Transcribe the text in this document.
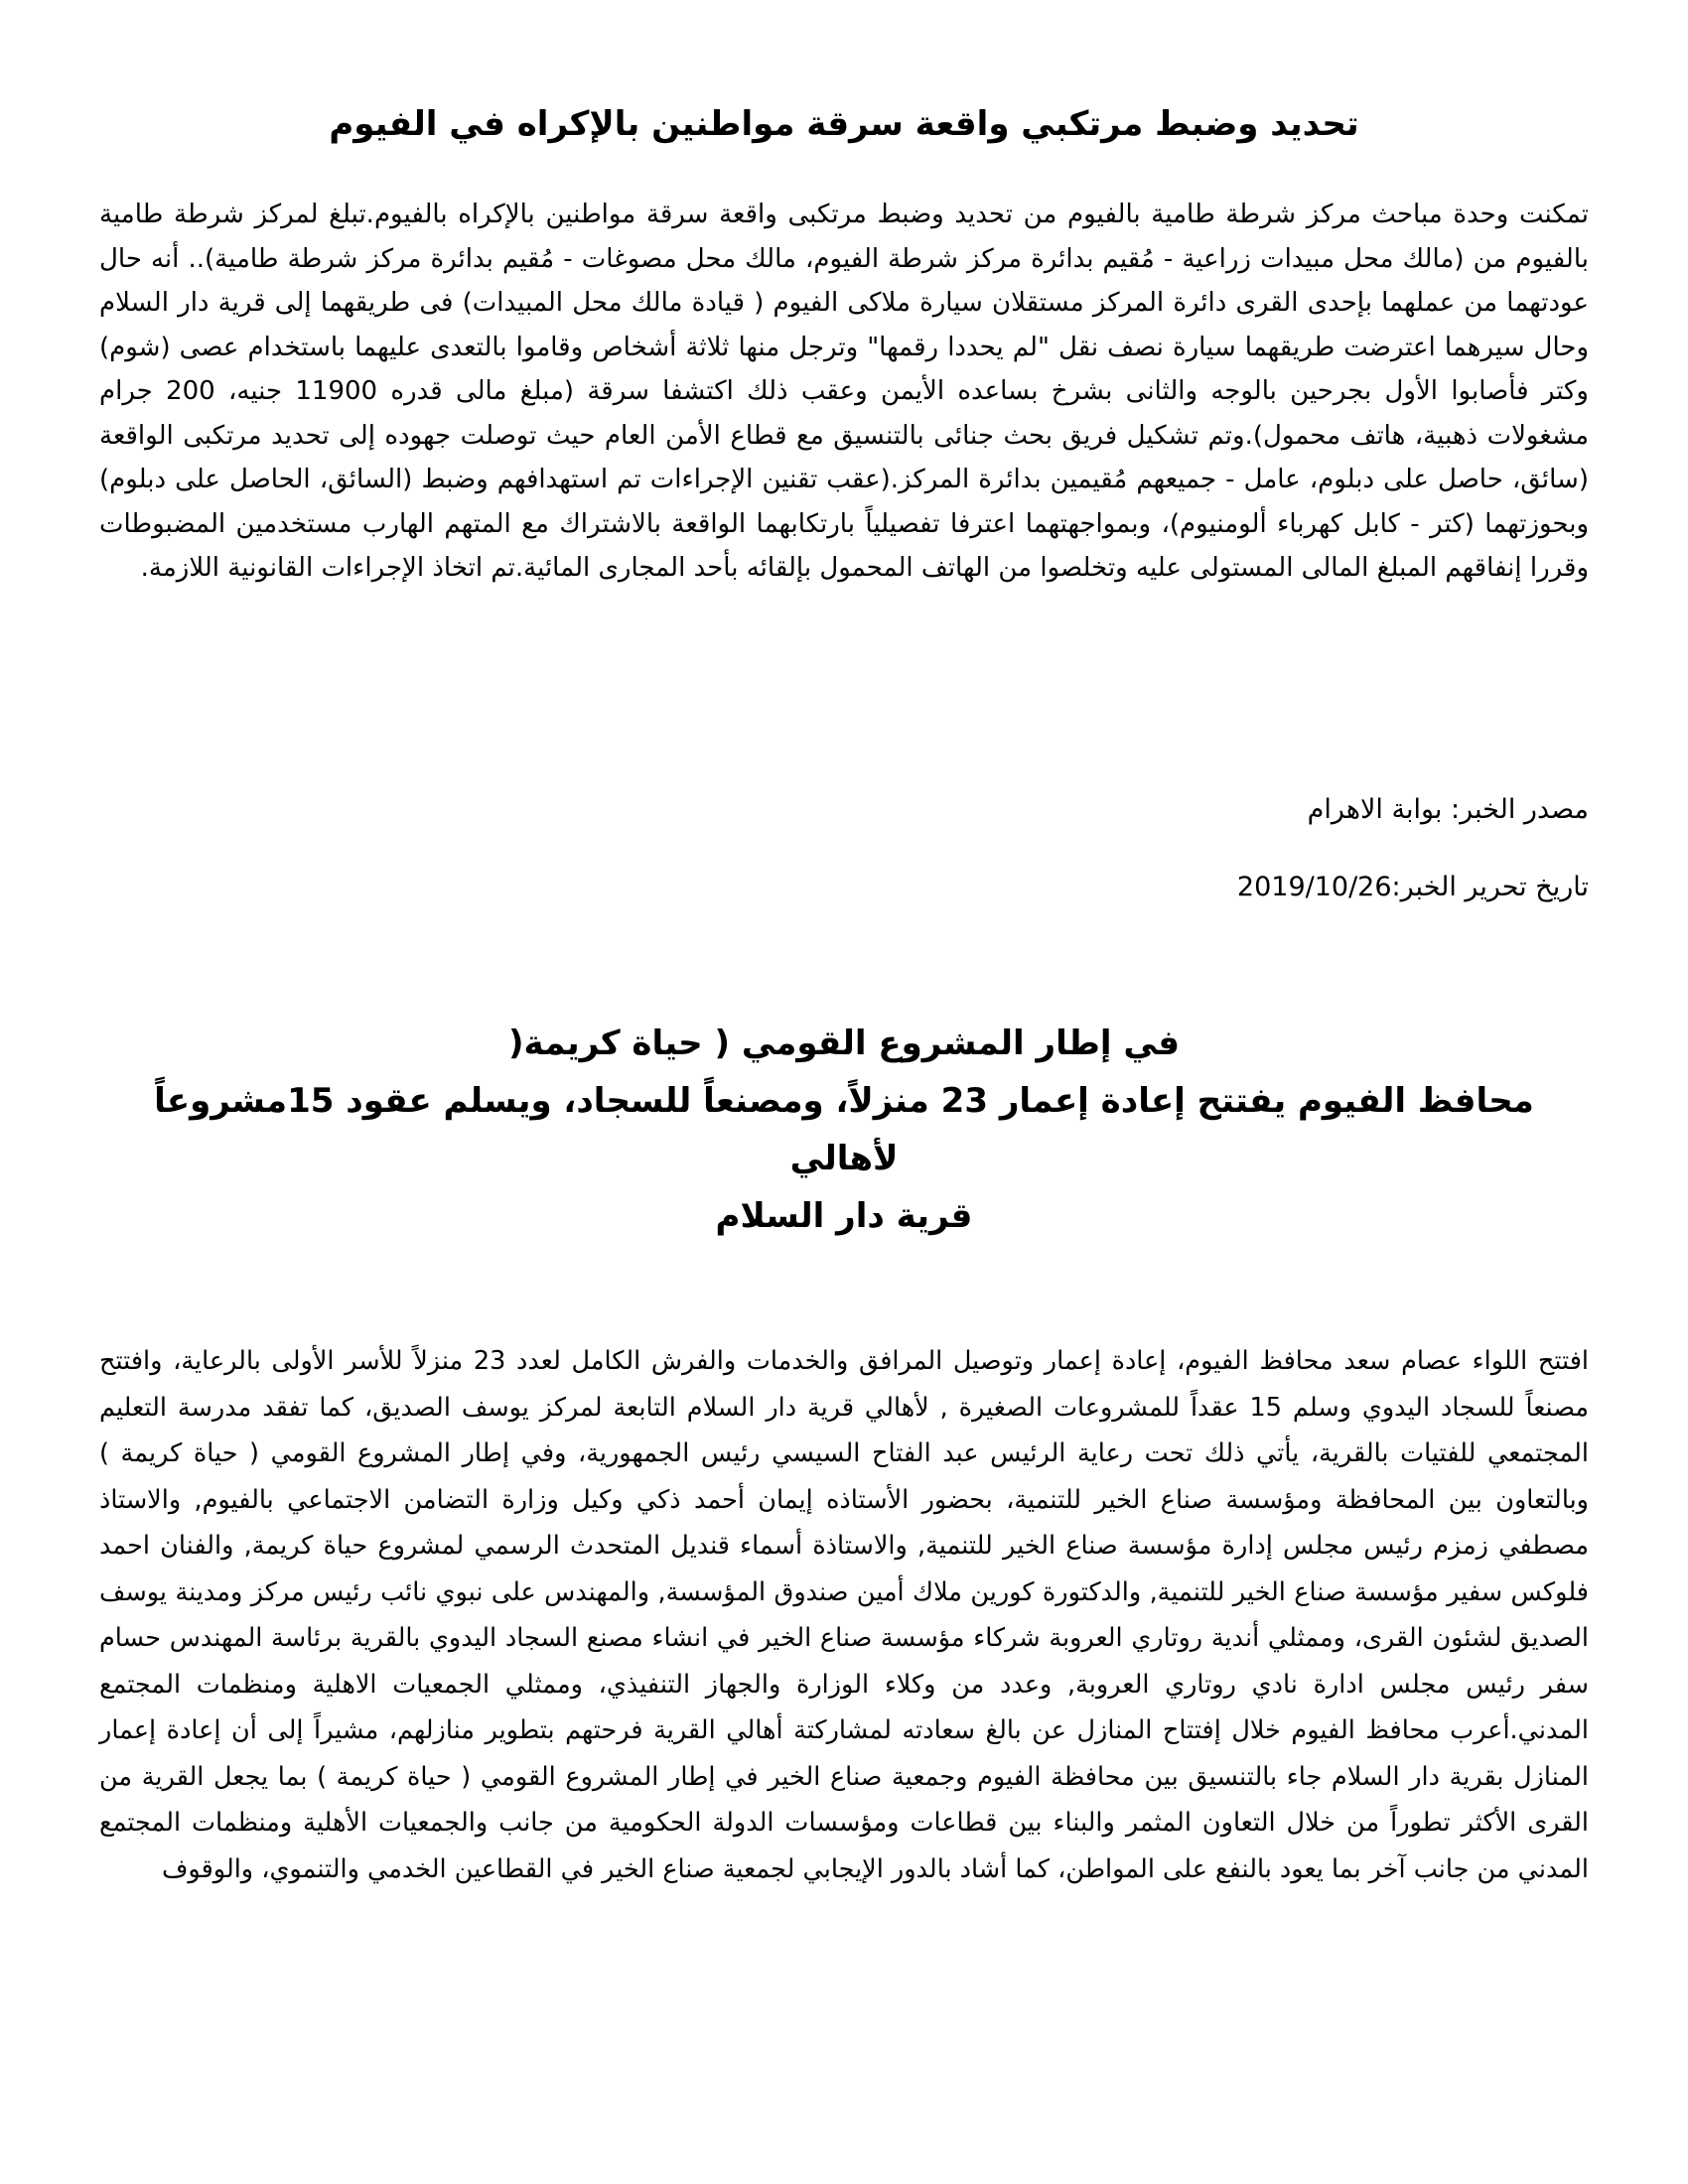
تحديد وضبط مرتكبي واقعة سرقة مواطنين بالإكراه في الفيوم

تمكنت وحدة مباحث مركز شرطة طامية بالفيوم من تحديد وضبط مرتكبى واقعة سرقة مواطنين بالإكراه بالفيوم.تبلغ لمركز شرطة طامية بالفيوم من (مالك محل مبيدات زراعية - مُقيم بدائرة مركز شرطة الفيوم، مالك محل مصوغات - مُقيم بدائرة مركز شرطة طامية).. أنه حال عودتهما من عملهما بإحدى القرى دائرة المركز مستقلان سيارة ملاكى الفيوم ( قيادة مالك محل المبيدات) فى طريقهما إلى قرية دار السلام وحال سيرهما اعترضت طريقهما سيارة نصف نقل "لم يحددا رقمها" وترجل منها ثلاثة أشخاص وقاموا بالتعدى عليهما باستخدام عصى (شوم) وكتر فأصابوا الأول بجرحين بالوجه والثانى بشرخ بساعده الأيمن وعقب ذلك اكتشفا سرقة (مبلغ مالى قدره 11900 جنيه، 200 جرام مشغولات ذهبية، هاتف محمول).وتم تشكيل فريق بحث جنائى بالتنسيق مع قطاع الأمن العام حيث توصلت جهوده إلى تحديد مرتكبى الواقعة (سائق، حاصل على دبلوم، عامل - جميعهم مُقيمين بدائرة المركز.(عقب تقنين الإجراءات تم استهدافهم وضبط (السائق، الحاصل على دبلوم) وبحوزتهما (كتر - كابل كهرباء ألومنيوم)، وبمواجهتهما اعترفا تفصيلياً بارتكابهما الواقعة بالاشتراك مع المتهم الهارب مستخدمين المضبوطات وقررا إنفاقهم المبلغ المالى المستولى عليه وتخلصوا من الهاتف المحمول بإلقائه بأحد المجارى المائية.تم اتخاذ الإجراءات القانونية اللازمة.

مصدر الخبر: بوابة الاهرام
تاريخ تحرير الخبر:2019/10/26
في إطار المشروع القومي ( حياة كريمة(
محافظ الفيوم يفتتح إعادة إعمار 23 منزلاً، ومصنعاً للسجاد، ويسلم عقود 15مشروعاً لأهالي
قرية دار السلام

افتتح اللواء عصام سعد محافظ الفيوم، إعادة إعمار وتوصيل المرافق والخدمات والفرش الكامل لعدد 23 منزلاً للأسر الأولى بالرعاية، وافتتح مصنعاً للسجاد اليدوي وسلم 15 عقداً للمشروعات الصغيرة , لأهالي قرية دار السلام التابعة لمركز يوسف الصديق، كما تفقد مدرسة التعليم المجتمعي للفتيات بالقرية، يأتي ذلك تحت رعاية الرئيس عبد الفتاح السيسي رئيس الجمهورية، وفي إطار المشروع القومي ( حياة كريمة ) وبالتعاون بين المحافظة ومؤسسة صناع الخير للتنمية، بحضور الأستاذه إيمان أحمد ذكي وكيل وزارة التضامن الاجتماعي بالفيوم, والاستاذ مصطفي زمزم رئيس مجلس إدارة مؤسسة صناع الخير للتنمية, والاستاذة أسماء قنديل المتحدث الرسمي لمشروع حياة كريمة, والفنان احمد فلوكس سفير مؤسسة صناع الخير للتنمية, والدكتورة كورين ملاك أمين صندوق المؤسسة, والمهندس على نبوي نائب رئيس مركز ومدينة يوسف الصديق لشئون القرى، وممثلي أندية روتاري العروبة شركاء مؤسسة صناع الخير في انشاء مصنع السجاد اليدوي بالقرية برئاسة المهندس حسام سفر رئيس مجلس ادارة نادي روتاري العروبة, وعدد من وكلاء الوزارة والجهاز التنفيذي، وممثلي الجمعيات الاهلية ومنظمات المجتمع المدني.أعرب محافظ الفيوم خلال إفتتاح المنازل عن بالغ سعادته لمشاركتة أهالي القرية فرحتهم بتطوير منازلهم، مشيراً إلى أن إعادة إعمار المنازل بقرية دار السلام جاء بالتنسيق بين محافظة الفيوم وجمعية صناع الخير في إطار المشروع القومي ( حياة كريمة ) بما يجعل القرية من القرى الأكثر تطوراً من خلال التعاون المثمر والبناء بين قطاعات ومؤسسات الدولة الحكومية من جانب والجمعيات الأهلية ومنظمات المجتمع المدني من جانب آخر بما يعود بالنفع على المواطن، كما أشاد بالدور الإيجابي لجمعية صناع الخير في القطاعين الخدمي والتنموي، والوقوف
